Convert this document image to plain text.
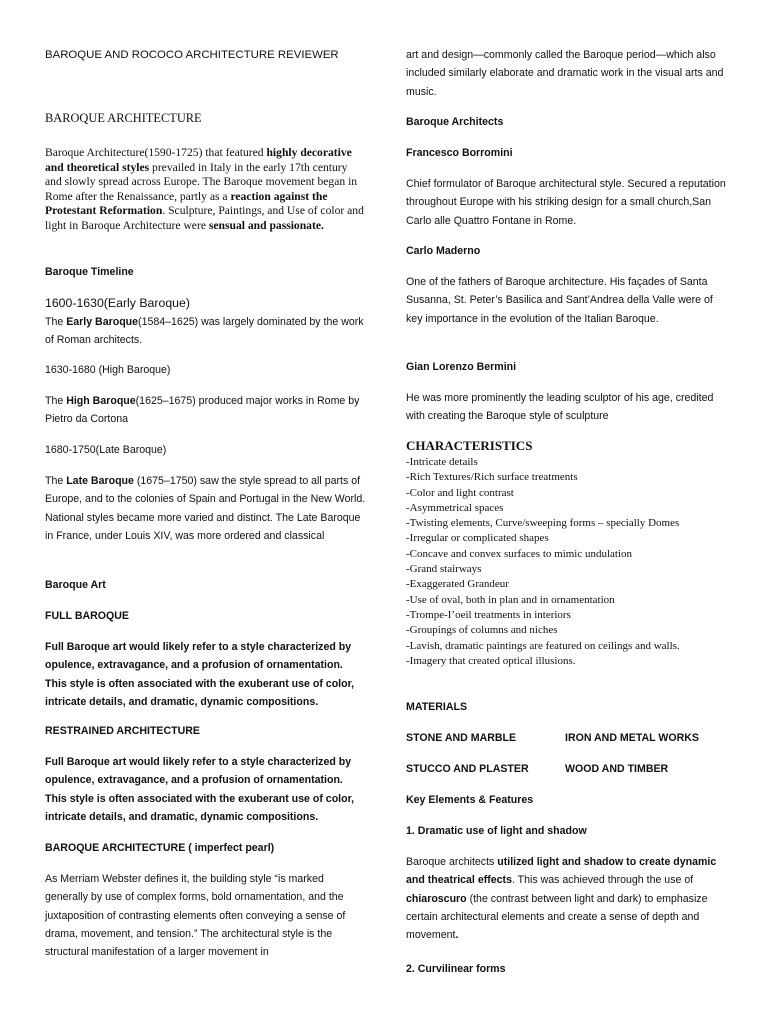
BAROQUE AND ROCOCO ARCHITECTURE REVIEWER
BAROQUE ARCHITECTURE

Baroque Architecture(1590-1725) that featured highly decorative and theoretical styles prevailed in Italy in the early 17th century and slowly spread across Europe. The Baroque movement began in Rome after the Renaissance, partly as a reaction against the Protestant Reformation. Sculpture, Paintings, and Use of color and light in Baroque Architecture were sensual and passionate.

Baroque Timeline
1600-1630(Early Baroque)

The Early Baroque(1584–1625) was largely dominated by the work of Roman architects.

1630-1680 (High Baroque)

The High Baroque(1625–1675) produced major works in Rome by Pietro da Cortona

1680-1750(Late Baroque)

The Late Baroque (1675–1750) saw the style spread to all parts of Europe, and to the colonies of Spain and Portugal in the New World. National styles became more varied and distinct. The Late Baroque in France, under Louis XIV, was more ordered and classical

Baroque Art
FULL BAROQUE

Full Baroque art would likely refer to a style characterized by opulence, extravagance, and a profusion of ornamentation. This style is often associated with the exuberant use of color, intricate details, and dramatic, dynamic compositions.

RESTRAINED ARCHITECTURE

Full Baroque art would likely refer to a style characterized by opulence, extravagance, and a profusion of ornamentation. This style is often associated with the exuberant use of color, intricate details, and dramatic, dynamic compositions.

BAROQUE ARCHITECTURE ( imperfect pearl)

As Merriam Webster defines it, the building style “is marked generally by use of complex forms, bold ornamentation, and the juxtaposition of contrasting elements often conveying a sense of drama, movement, and tension.” The architectural style is the structural manifestation of a larger movement in

art and design—commonly called the Baroque period—which also included similarly elaborate and dramatic work in the visual arts and music.

Baroque Architects
Francesco Borromini

Chief formulator of Baroque architectural style. Secured a reputation throughout Europe with his striking design for a small church,San Carlo alle Quattro Fontane in Rome.

Carlo Maderno

One of the fathers of Baroque architecture. His façades of Santa Susanna, St. Peter’s Basilica and Sant’Andrea della Valle were of key importance in the evolution of the Italian Baroque.

Gian Lorenzo Bermini

He was more prominently the leading sculptor of his age, credited with creating the Baroque style of sculpture

CHARACTERISTICS
-Intricate details
-Rich Textures/Rich surface treatments
-Color and light contrast
-Asymmetrical spaces
-Twisting elements, Curve/sweeping forms – specially Domes
-Irregular or complicated shapes
-Concave and convex surfaces to mimic undulation
-Grand stairways
-Exaggerated Grandeur
-Use of oval, both in plan and in ornamentation
-Trompe-I’oeil treatments in interiors
-Groupings of columns and niches
-Lavish, dramatic paintings are featured on ceilings and walls.
-Imagery that created optical illusions.
MATERIALS
STONE AND MARBLE	IRON AND METAL WORKS
STUCCO AND PLASTER	WOOD AND TIMBER
Key Elements & Features
1. Dramatic use of light and shadow

Baroque architects utilized light and shadow to create dynamic and theatrical effects. This was achieved through the use of chiaroscuro (the contrast between light and dark) to emphasize certain architectural elements and create a sense of depth and movement.

2. Curvilinear forms
